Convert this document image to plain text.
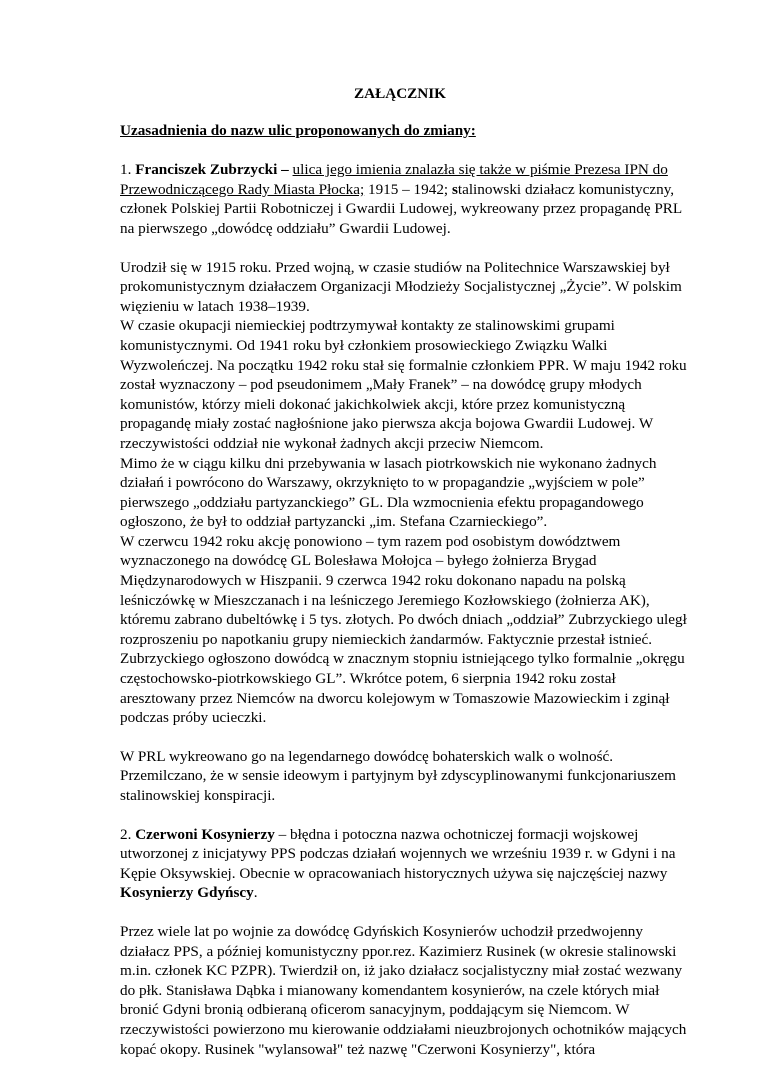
ZAŁĄCZNIK
Uzasadnienia do nazw ulic proponowanych do zmiany:

1. Franciszek Zubrzycki – ulica jego imienia znalazła się także w piśmie Prezesa IPN do
Przewodniczącego Rady Miasta Płocka; 1915 – 1942; stalinowski działacz komunistyczny,
członek Polskiej Partii Robotniczej i Gwardii Ludowej, wykreowany przez propagandę PRL
na pierwszego „dowódcę oddziału” Gwardii Ludowej.

Urodził się w 1915 roku. Przed wojną, w czasie studiów na Politechnice Warszawskiej był
prokomunistycznym działaczem Organizacji Młodzieży Socjalistycznej „Życie”. W polskim
więzieniu w latach 1938–1939.
W czasie okupacji niemieckiej podtrzymywał kontakty ze stalinowskimi grupami
komunistycznymi. Od 1941 roku był członkiem prosowieckiego Związku Walki
Wyzwoleńczej. Na początku 1942 roku stał się formalnie członkiem PPR. W maju 1942 roku
został wyznaczony – pod pseudonimem „Mały Franek” – na dowódcę grupy młodych
komunistów, którzy mieli dokonać jakichkolwiek akcji, które przez komunistyczną
propagandę miały zostać nagłośnione jako pierwsza akcja bojowa Gwardii Ludowej. W
rzeczywistości oddział nie wykonał żadnych akcji przeciw Niemcom.
Mimo że w ciągu kilku dni przebywania w lasach piotrkowskich nie wykonano żadnych
działań i powrócono do Warszawy, okrzyknięto to w propagandzie „wyjściem w pole”
pierwszego „oddziału partyzanckiego” GL. Dla wzmocnienia efektu propagandowego
ogłoszono, że był to oddział partyzancki „im. Stefana Czarnieckiego”.
W czerwcu 1942 roku akcję ponowiono – tym razem pod osobistym dowództwem
wyznaczonego na dowódcę GL Bolesława Mołojca – byłego żołnierza Brygad
Międzynarodowych w Hiszpanii. 9 czerwca 1942 roku dokonano napadu na polską
leśniczówkę w Mieszczanach i na leśniczego Jeremiego Kozłowskiego (żołnierza AK),
któremu zabrano dubeltówkę i 5 tys. złotych. Po dwóch dniach „oddział” Zubrzyckiego uległ
rozproszeniu po napotkaniu grupy niemieckich żandarmów. Faktycznie przestał istnieć.
Zubrzyckiego ogłoszono dowódcą w znacznym stopniu istniejącego tylko formalnie „okręgu
częstochowsko-piotrkowskiego GL”. Wkrótce potem, 6 sierpnia 1942 roku został
aresztowany przez Niemców na dworcu kolejowym w Tomaszowie Mazowieckim i zginął
podczas próby ucieczki.

W PRL wykreowano go na legendarnego dowódcę bohaterskich walk o wolność.
Przemilczano, że w sensie ideowym i partyjnym był zdyscyplinowanymi funkcjonariuszem
stalinowskiej konspiracji.

2. Czerwoni Kosynierzy – błędna i potoczna nazwa ochotniczej formacji wojskowej
utworzonej z inicjatywy PPS podczas działań wojennych we wrześniu 1939 r. w Gdyni i na
Kępie Oksywskiej. Obecnie w opracowaniach historycznych używa się najczęściej nazwy
Kosynierzy Gdyńscy.

Przez wiele lat po wojnie za dowódcę Gdyńskich Kosynierów uchodził przedwojenny
działacz PPS, a później komunistyczny ppor.rez. Kazimierz Rusinek (w okresie stalinowski
m.in. członek KC PZPR). Twierdził on, iż jako działacz socjalistyczny miał zostać wezwany
do płk. Stanisława Dąbka i mianowany komendantem kosynierów, na czele których miał
bronić Gdyni bronią odbieraną oficerom sanacyjnym, poddającym się Niemcom. W
rzeczywistości powierzono mu kierowanie oddziałami nieuzbrojonych ochotników mających
kopać okopy. Rusinek "wylansował" też nazwę "Czerwoni Kosynierzy", która
